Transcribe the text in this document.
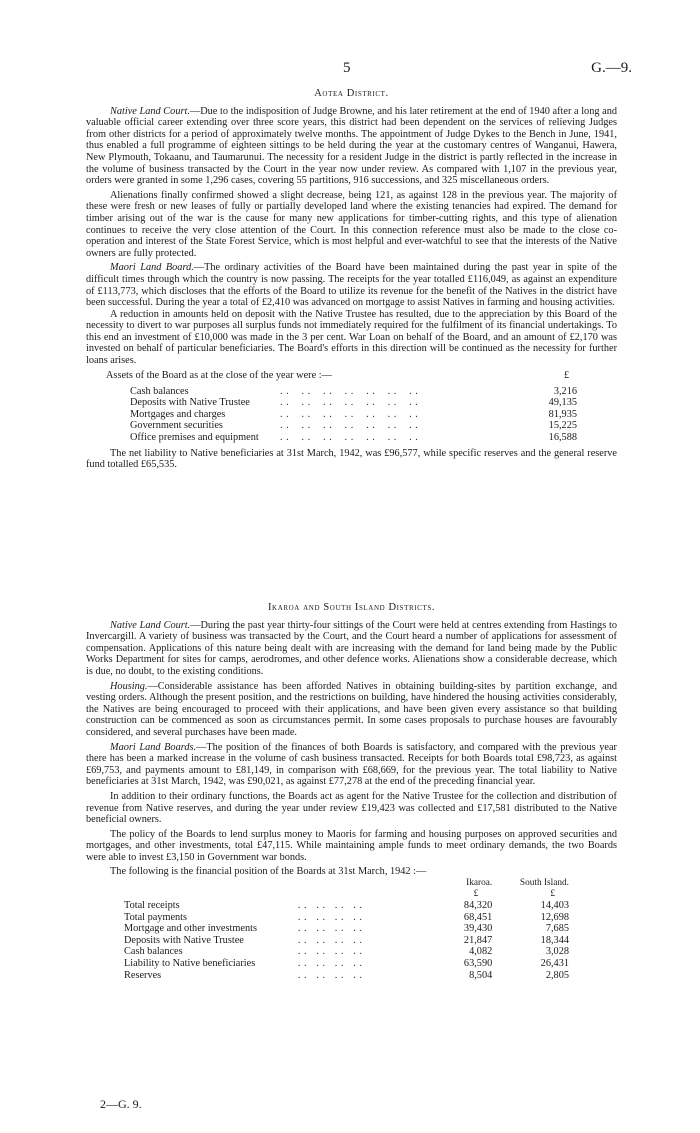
5	G.—9.
Aotea District.

Native Land Court.—Due to the indisposition of Judge Browne, and his later retirement at the end of 1940 after a long and valuable official career extending over three score years, this district had been dependent on the services of relieving Judges from other districts for a period of approximately twelve months. The appointment of Judge Dykes to the Bench in June, 1941, thus enabled a full programme of eighteen sittings to be held during the year at the customary centres of Wanganui, Hawera, New Plymouth, Tokaanu, and Taumarunui. The necessity for a resident Judge in the district is partly reflected in the increase in the volume of business transacted by the Court in the year now under review. As compared with 1,107 in the previous year, orders were granted in some 1,296 cases, covering 55 partitions, 916 successions, and 325 miscellaneous orders.

Alienations finally confirmed showed a slight decrease, being 121, as against 128 in the previous year. The majority of these were fresh or new leases of fully or partially developed land where the existing tenancies had expired. The demand for timber arising out of the war is the cause for many new applications for timber-cutting rights, and this type of alienation continues to receive the very close attention of the Court. In this connection reference must also be made to the close co-operation and interest of the State Forest Service, which is most helpful and ever-watchful to see that the interests of the Native owners are fully protected.

Maori Land Board.—The ordinary activities of the Board have been maintained during the past year in spite of the difficult times through which the country is now passing. The receipts for the year totalled £116,049, as against an expenditure of £113,773, which discloses that the efforts of the Board to utilize its revenue for the benefit of the Natives in the district have been successful. During the year a total of £2,410 was advanced on mortgage to assist Natives in farming and housing activities.

A reduction in amounts held on deposit with the Native Trustee has resulted, due to the appreciation by this Board of the necessity to divert to war purposes all surplus funds not immediately required for the fulfilment of its financial undertakings. To this end an investment of £10,000 was made in the 3 per cent. War Loan on behalf of the Board, and an amount of £2,170 was invested on behalf of particular beneficiaries. The Board's efforts in this direction will be continued as the necessity for further loans arises.

Assets of the Board as at the close of the year were :—	£
Cash balances	. .    . .    . .    . .    . .    . .    . .	3,216
Deposits with Native Trustee	. .    . .    . .    . .    . .    . .    . .	49,135
Mortgages and charges	. .    . .    . .    . .    . .    . .    . .	81,935
Government securities	. .    . .    . .    . .    . .    . .    . .	15,225
Office premises and equipment	. .    . .    . .    . .    . .    . .    . .	16,588

The net liability to Native beneficiaries at 31st March, 1942, was £96,577, while specific reserves and the general reserve fund totalled £65,535.

Ikaroa and South Island Districts.

Native Land Court.—During the past year thirty-four sittings of the Court were held at centres extending from Hastings to Invercargill. A variety of business was transacted by the Court, and the Court heard a number of applications for assessment of compensation. Applications of this nature being dealt with are increasing with the demand for land being made by the Public Works Department for sites for camps, aerodromes, and other defence works. Alienations show a considerable decrease, which is due, no doubt, to the existing conditions.

Housing.—Considerable assistance has been afforded Natives in obtaining building-sites by partition exchange, and vesting orders. Although the present position, and the restrictions on building, have hindered the housing activities considerably, the Natives are being encouraged to proceed with their applications, and have been given every assistance so that building construction can be commenced as soon as circumstances permit. In some cases proposals to purchase houses are favourably considered, and several purchases have been made.

Maori Land Boards.—The position of the finances of both Boards is satisfactory, and compared with the previous year there has been a marked increase in the volume of cash business transacted. Receipts for both Boards total £98,723, as against £69,753, and payments amount to £81,149, in comparison with £68,669, for the previous year. The total liability to Native beneficiaries at 31st March, 1942, was £90,021, as against £77,278 at the end of the preceding financial year.

In addition to their ordinary functions, the Boards act as agent for the Native Trustee for the collection and distribution of revenue from Native reserves, and during the year under review £19,423 was collected and £17,581 distributed to the Native beneficial owners.

The policy of the Boards to lend surplus money to Maoris for farming and housing purposes on approved securities and mortgages, and other investments, total £47,115. While maintaining ample funds to meet ordinary demands, the two Boards were able to invest £3,150 in Government war bonds.

The following is the financial position of the Boards at 31st March, 1942 :—

		Ikaroa.	South Island.
		£	£
Total receipts	. .   . .   . .   . .	84,320	14,403
Total payments	. .   . .   . .   . .	68,451	12,698
Mortgage and other investments	. .   . .   . .   . .	39,430	7,685
Deposits with Native Trustee	. .   . .   . .   . .	21,847	18,344
Cash balances	. .   . .   . .   . .	4,082	3,028
Liability to Native beneficiaries	. .   . .   . .   . .	63,590	26,431
Reserves	. .   . .   . .   . .	8,504	2,805
2—G. 9.
